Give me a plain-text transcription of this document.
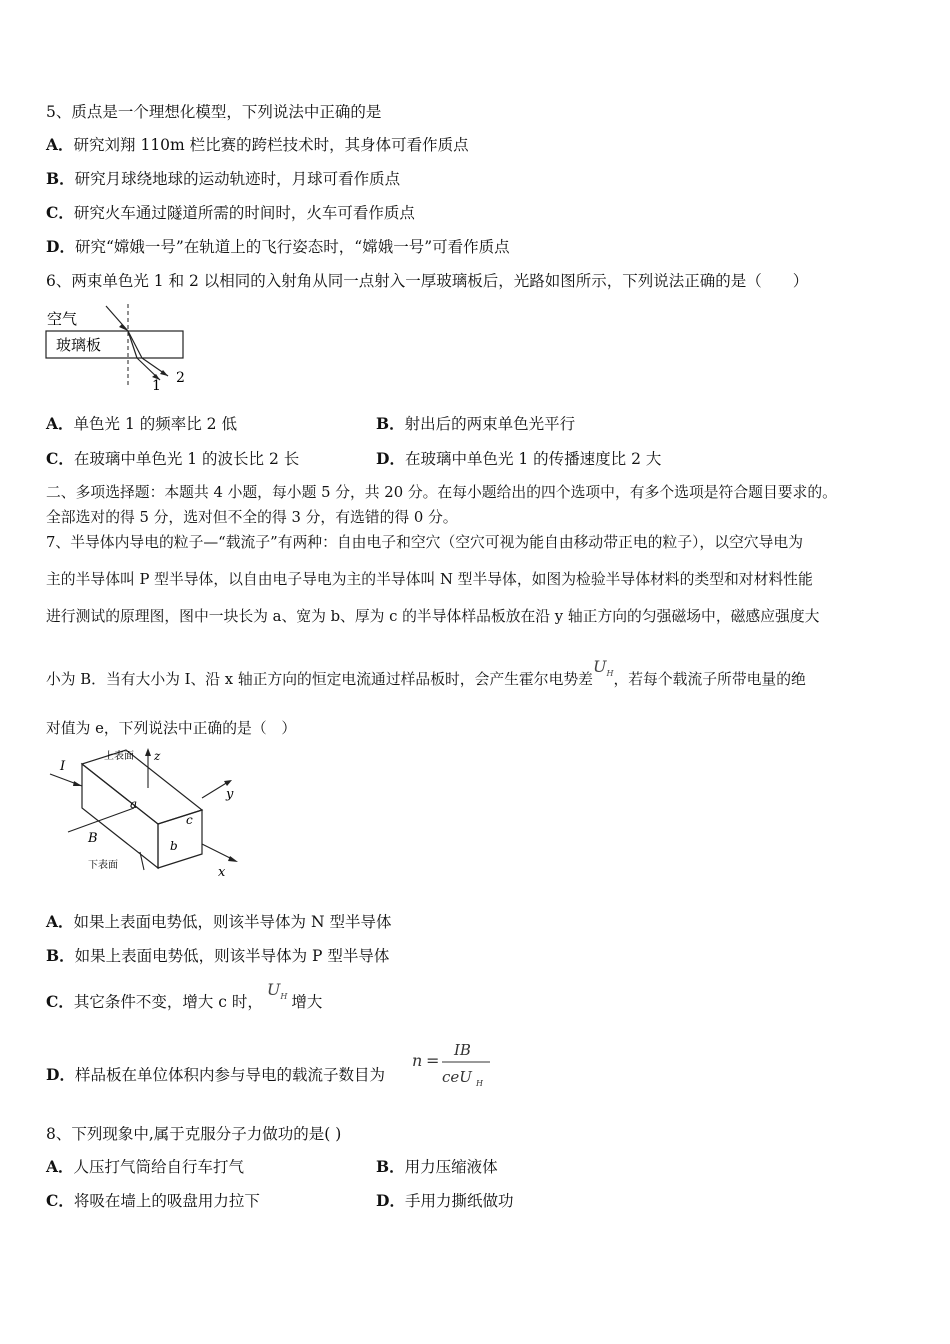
5、质点是一个理想化模型，下列说法中正确的是
A．研究刘翔 110m 栏比赛的跨栏技术时，其身体可看作质点
B．研究月球绕地球的运动轨迹时，月球可看作质点
C．研究火车通过隧道所需的时间时，火车可看作质点
D．研究“嫦娥一号”在轨道上的飞行姿态时，“嫦娥一号”可看作质点
6、两束单色光 1 和 2 以相同的入射角从同一点射入一厚玻璃板后，光路如图所示，下列说法正确的是（　　）
空气
玻璃板
1 2
A．单色光 1 的频率比 2 低	B．射出后的两束单色光平行
C．在玻璃中单色光 1 的波长比 2 长	D．在玻璃中单色光 1 的传播速度比 2 大
二、多项选择题：本题共 4 小题，每小题 5 分，共 20 分。在每小题给出的四个选项中，有多个选项是符合题目要求的。
全部选对的得 5 分，选对但不全的得 3 分，有选错的得 0 分。
7、半导体内导电的粒子—“载流子”有两种：自由电子和空穴（空穴可视为能自由移动带正电的粒子），以空穴导电为
主的半导体叫 P 型半导体，以自由电子导电为主的半导体叫 N 型半导体，如图为检验半导体材料的类型和对材料性能
进行测试的原理图，图中一块长为 a、宽为 b、厚为 c 的半导体样品板放在沿 y 轴正方向的匀强磁场中，磁感应强度大
小为 B．当有大小为 I、沿 x 轴正方向的恒定电流通过样品板时，会产生霍尔电势差$U_H$，若每个载流子所带电量的绝
对值为 e，下列说法中正确的是（　）
I
z
y
x
B
a
b
c
上表面
下表面
A．如果上表面电势低，则该半导体为 N 型半导体
B．如果上表面电势低，则该半导体为 P 型半导体
C．其它条件不变，增大 c 时，$U_H$ 增大
D．样品板在单位体积内参与导电的载流子数目为
n =
IB
ceU H
8、下列现象中,属于克服分子力做功的是( )
A．人压打气筒给自行车打气	B．用力压缩液体
C．将吸在墙上的吸盘用力拉下	D．手用力撕纸做功
